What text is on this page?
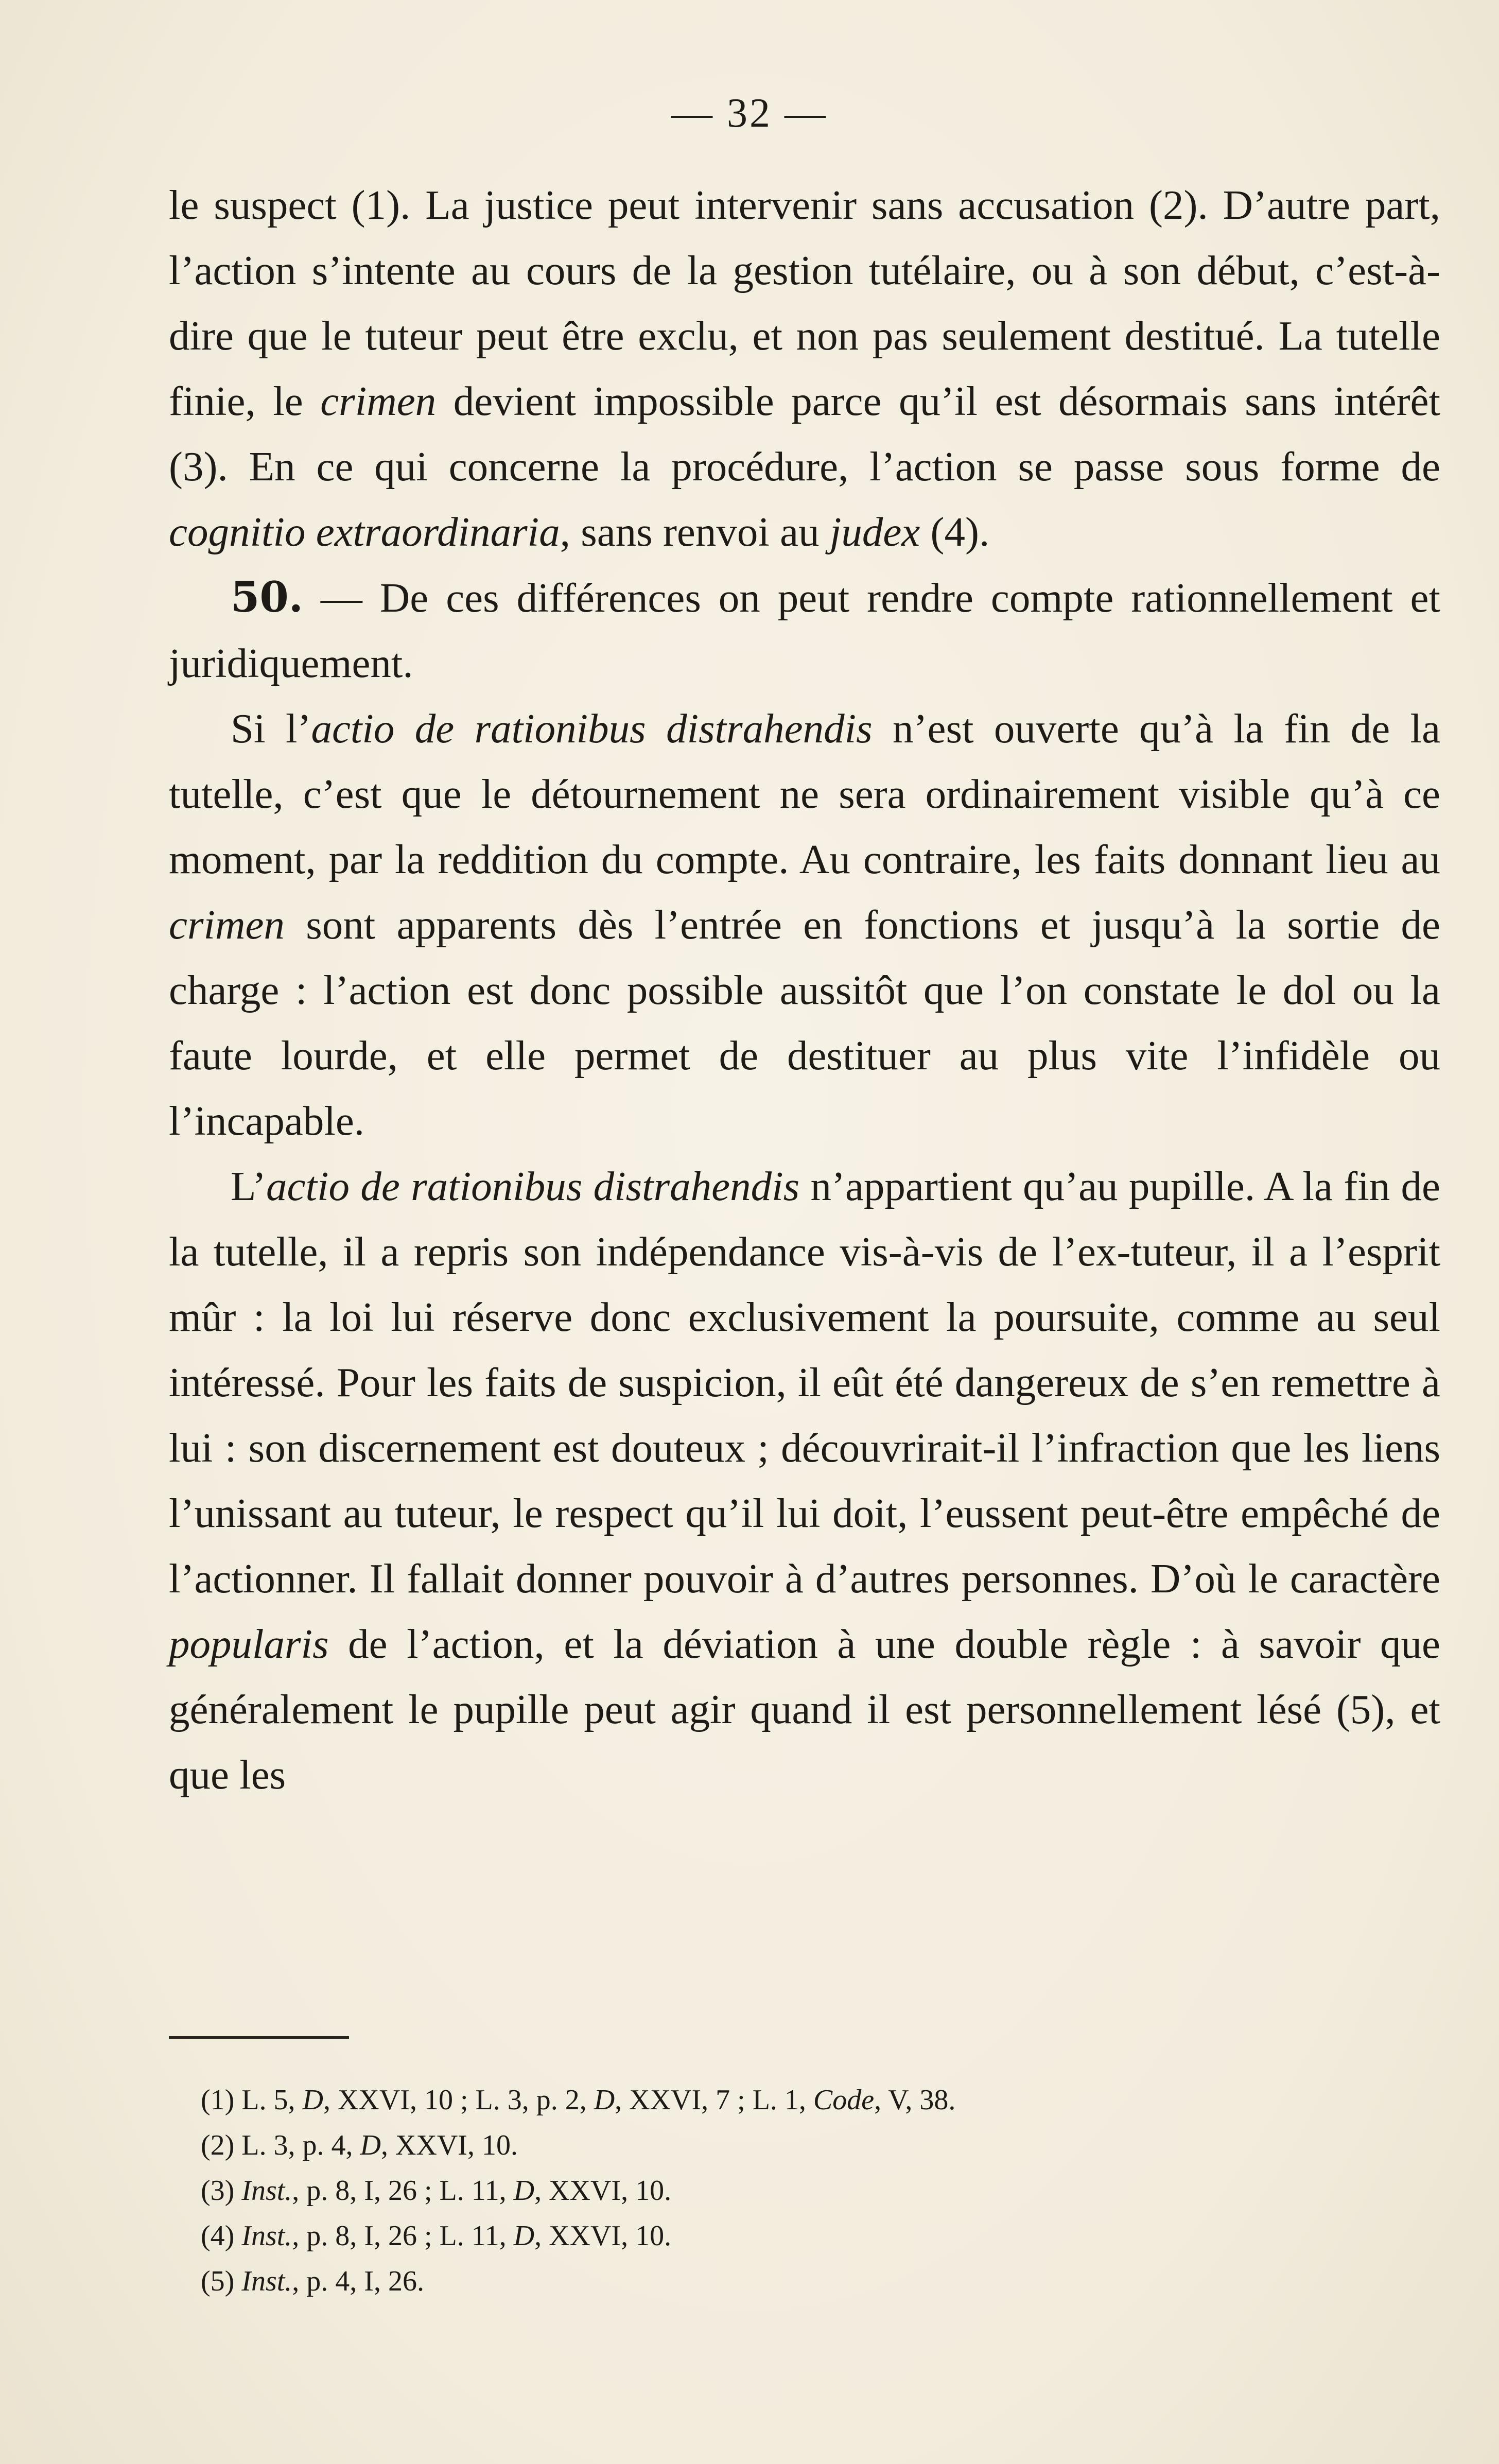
— 32 —

le suspect (1). La justice peut intervenir sans accusation (2). D’autre part, l’action s’intente au cours de la gestion tutélaire, ou à son début, c’est-à-dire que le tuteur peut être exclu, et non pas seulement destitué. La tutelle finie, le crimen devient impossible parce qu’il est désormais sans intérêt (3). En ce qui concerne la procédure, l’action se passe sous forme de cognitio extraordinaria, sans renvoi au judex (4).

50. — De ces différences on peut rendre compte rationnellement et juridiquement.

Si l’actio de rationibus distrahendis n’est ouverte qu’à la fin de la tutelle, c’est que le détournement ne sera ordinairement visible qu’à ce moment, par la reddition du compte. Au contraire, les faits donnant lieu au crimen sont apparents dès l’entrée en fonctions et jusqu’à la sortie de charge : l’action est donc possible aussitôt que l’on constate le dol ou la faute lourde, et elle permet de destituer au plus vite l’infidèle ou l’incapable.

L’actio de rationibus distrahendis n’appartient qu’au pupille. A la fin de la tutelle, il a repris son indépendance vis-à-vis de l’ex-tuteur, il a l’esprit mûr : la loi lui réserve donc exclusivement la poursuite, comme au seul intéressé. Pour les faits de suspicion, il eût été dangereux de s’en remettre à lui : son discernement est douteux ; découvrirait-il l’infraction que les liens l’unissant au tuteur, le respect qu’il lui doit, l’eussent peut-être empêché de l’actionner. Il fallait donner pouvoir à d’autres personnes. D’où le caractère popularis de l’action, et la déviation à une double règle : à savoir que généralement le pupille peut agir quand il est personnellement lésé (5), et que les

(1) L. 5, D, XXVI, 10 ; L. 3, p. 2, D, XXVI, 7 ; L. 1, Code, V, 38.
(2) L. 3, p. 4, D, XXVI, 10.
(3) Inst., p. 8, I, 26 ; L. 11, D, XXVI, 10.
(4) Inst., p. 8, I, 26 ; L. 11, D, XXVI, 10.
(5) Inst., p. 4, I, 26.
